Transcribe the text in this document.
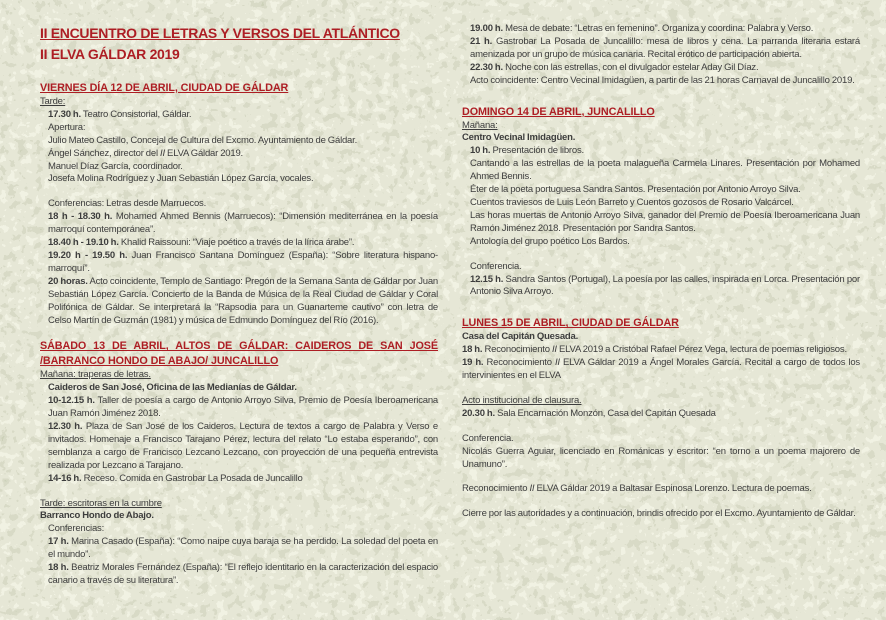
II ENCUENTRO DE LETRAS Y VERSOS DEL ATLÁNTICO
II ELVA GÁLDAR 2019

VIERNES DÍA 12 DE ABRIL, CIUDAD DE GÁLDAR

Tarde:

17.30 h. Teatro Consistorial, Gáldar.

Apertura:

Julio Mateo Castillo, Concejal de Cultura del Excmo. Ayuntamiento de Gáldar.

Ángel Sánchez, director del II ELVA Gáldar 2019.

Manuel Díaz García, coordinador.

Josefa Molina Rodríguez y Juan Sebastián López García, vocales.

Conferencias: Letras desde Marruecos.

18 h - 18.30 h. Mohamed Ahmed Bennis (Marruecos): “Dimensión mediterránea en la poesía marroquí contemporánea”.

18.40 h - 19.10 h. Khalid Raissouni: “Viaje poético a través de la lírica árabe”.

19.20 h - 19.50 h. Juan Francisco Santana Domínguez (España): “Sobre literatura hispano-marroquí”.

20 horas. Acto coincidente, Templo de Santiago: Pregón de la Semana Santa de Gáldar por Juan Sebastián López García. Concierto de la Banda de Música de la Real Ciudad de Gáldar y Coral Polifónica de Gáldar. Se interpretará la “Rapsodia para un Guanarteme cautivo” con letra de Celso Martín de Guzmán (1981) y música de Edmundo Domínguez del Río (2016).

SÁBADO 13 DE ABRIL, ALTOS DE GÁLDAR: CAIDEROS DE SAN JOSÉ /BARRANCO HONDO DE ABAJO/ JUNCALILLO

Mañana: traperas de letras.

Caideros de San José, Oficina de las Medianías de Gáldar.

10-12.15 h. Taller de poesía a cargo de Antonio Arroyo Silva, Premio de Poesía Iberoamericana Juan Ramón Jiménez 2018.

12.30 h. Plaza de San José de los Caideros. Lectura de textos a cargo de Palabra y Verso e invitados. Homenaje a Francisco Tarajano Pérez, lectura del relato “Lo estaba esperando”, con semblanza a cargo de Francisco Lezcano Lezcano, con proyección de una pequeña entrevista realizada por Lezcano a Tarajano.

14-16 h. Receso. Comida en Gastrobar La Posada de Juncalillo

Tarde: escritoras en la cumbre

Barranco Hondo de Abajo.

Conferencias:

17 h. Marina Casado (España): “Como naipe cuya baraja se ha perdido. La soledad del poeta en el mundo”.

18 h. Beatriz Morales Fernández (España): “El reflejo identitario en la caracterización del espacio canario a través de su literatura”.

19.00 h. Mesa de debate: “Letras en femenino”. Organiza y coordina: Palabra y Verso.

21 h. Gastrobar La Posada de Juncalillo: mesa de libros y cena. La parranda literaria estará amenizada por un grupo de música canaria. Recital erótico de participación abierta.

22.30 h. Noche con las estrellas, con el divulgador estelar Aday Gil Díaz.

Acto coincidente: Centro Vecinal Imidagüen, a partir de las 21 horas Carnaval de Juncalillo 2019.

DOMINGO 14 DE ABRIL, JUNCALILLO

Mañana:

Centro Vecinal Imidagüen.

10 h. Presentación de libros.

Cantando a las estrellas de la poeta malagueña Carmela Linares. Presentación por Mohamed Ahmed Bennis.

Éter de la poeta portuguesa Sandra Santos. Presentación por Antonio Arroyo Silva.

Cuentos traviesos de Luis León Barreto y Cuentos gozosos de Rosario Valcárcel.

Las horas muertas de Antonio Arroyo Silva, ganador del Premio de Poesía Iberoamericana Juan Ramón Jiménez 2018. Presentación por Sandra Santos.

Antología del grupo poético Los Bardos.

Conferencia.

12.15 h. Sandra Santos (Portugal), La poesía por las calles, inspirada en Lorca. Presentación por Antonio Silva Arroyo.

LUNES 15 DE ABRIL, CIUDAD DE GÁLDAR

Casa del Capitán Quesada.

18 h. Reconocimiento II ELVA 2019 a Cristóbal Rafael Pérez Vega, lectura de poemas religiosos.

19 h. Reconocimiento II ELVA Gáldar 2019 a Ángel Morales García. Recital a cargo de todos los intervinientes en el ELVA

Acto institucional de clausura.

20.30 h. Sala Encarnación Monzón, Casa del Capitán Quesada

Conferencia.

Nicolás Guerra Aguiar, licenciado en Románicas y escritor: “en torno a un poema majorero de Unamuno”.

Reconocimiento II ELVA Gáldar 2019 a Baltasar Espinosa Lorenzo. Lectura de poemas.

Cierre por las autoridades y a continuación, brindis ofrecido por el Excmo. Ayuntamiento de Gáldar.
